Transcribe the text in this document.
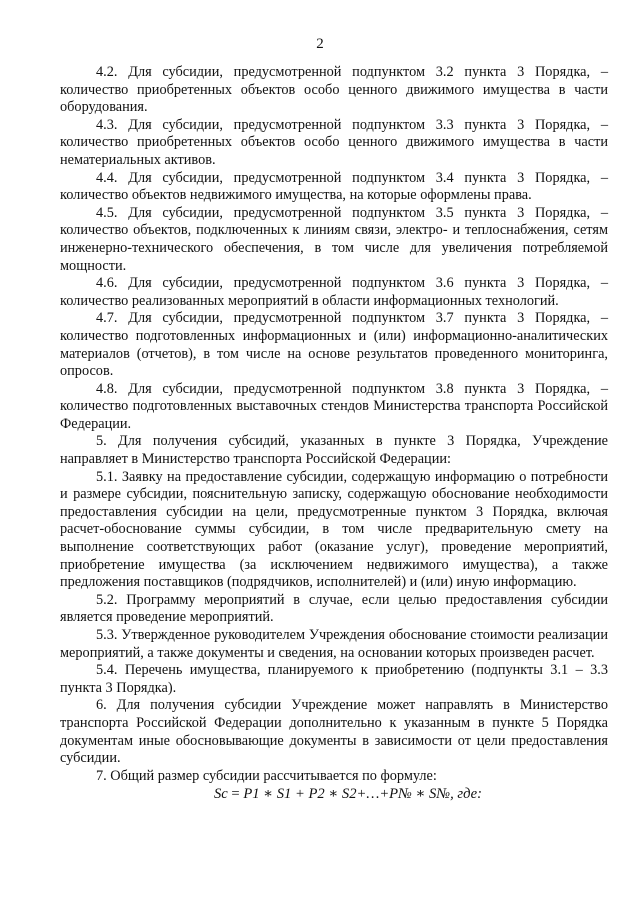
2

4.2. Для субсидии, предусмотренной подпунктом 3.2 пункта 3 Порядка, – количество приобретенных объектов особо ценного движимого имущества в части оборудования.

4.3. Для субсидии, предусмотренной подпунктом 3.3 пункта 3 Порядка, – количество приобретенных объектов особо ценного движимого имущества в части нематериальных активов.

4.4. Для субсидии, предусмотренной подпунктом 3.4 пункта 3 Порядка, – количество объектов недвижимого имущества, на которые оформлены права.

4.5. Для субсидии, предусмотренной подпунктом 3.5 пункта 3 Порядка, – количество объектов, подключенных к линиям связи, электро- и теплоснабжения, сетям инженерно-технического обеспечения, в том числе для увеличения потребляемой мощности.

4.6. Для субсидии, предусмотренной подпунктом 3.6 пункта 3 Порядка, – количество реализованных мероприятий в области информационных технологий.

4.7. Для субсидии, предусмотренной подпунктом 3.7 пункта 3 Порядка, – количество подготовленных информационных и (или) информационно-аналитических материалов (отчетов), в том числе на основе результатов проведенного мониторинга, опросов.

4.8. Для субсидии, предусмотренной подпунктом 3.8 пункта 3 Порядка, – количество подготовленных выставочных стендов Министерства транспорта Российской Федерации.

5. Для получения субсидий, указанных в пункте 3 Порядка, Учреждение направляет в Министерство транспорта Российской Федерации:

5.1. Заявку на предоставление субсидии, содержащую информацию о потребности и размере субсидии, пояснительную записку, содержащую обоснование необходимости предоставления субсидии на цели, предусмотренные пунктом 3 Порядка, включая расчет-обоснование суммы субсидии, в том числе предварительную смету на выполнение соответствующих работ (оказание услуг), проведение мероприятий, приобретение имущества (за исключением недвижимого имущества), а также предложения поставщиков (подрядчиков, исполнителей) и (или) иную информацию.

5.2. Программу мероприятий в случае, если целью предоставления субсидии является проведение мероприятий.

5.3. Утвержденное руководителем Учреждения обоснование стоимости реализации мероприятий, а также документы и сведения, на основании которых произведен расчет.

5.4. Перечень имущества, планируемого к приобретению (подпункты 3.1 – 3.3 пункта 3 Порядка).

6. Для получения субсидии Учреждение может направлять в Министерство транспорта Российской Федерации дополнительно к указанным в пункте 5 Порядка документам иные обосновывающие документы в зависимости от цели предоставления субсидии.

7. Общий размер субсидии рассчитывается по формуле:

Sc = P1 ∗ S1 + P2 ∗ S2+…+P№ ∗ S№, где:
